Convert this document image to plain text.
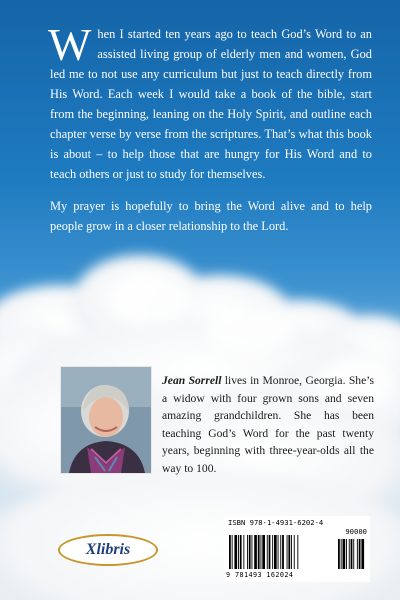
When I started ten years ago to teach God’s Word to an assisted living group of elderly men and women, God led me to not use any curriculum but just to teach directly from His Word. Each week I would take a book of the bible, start from the beginning, leaning on the Holy Spirit, and outline each chapter verse by verse from the scriptures. That’s what this book is about – to help those that are hungry for His Word and to teach others or just to study for themselves.

My prayer is hopefully to bring the Word alive and to help people grow in a closer relationship to the Lord.

Jean Sorrell lives in Monroe, Georgia. She’s a widow with four grown sons and seven amazing grandchildren. She has been teaching God’s Word for the past twenty years, beginning with three-year-olds all the way to 100.
Xlibris
ISBN 978-1-4931-6202-4
90000
9 781493 162024
